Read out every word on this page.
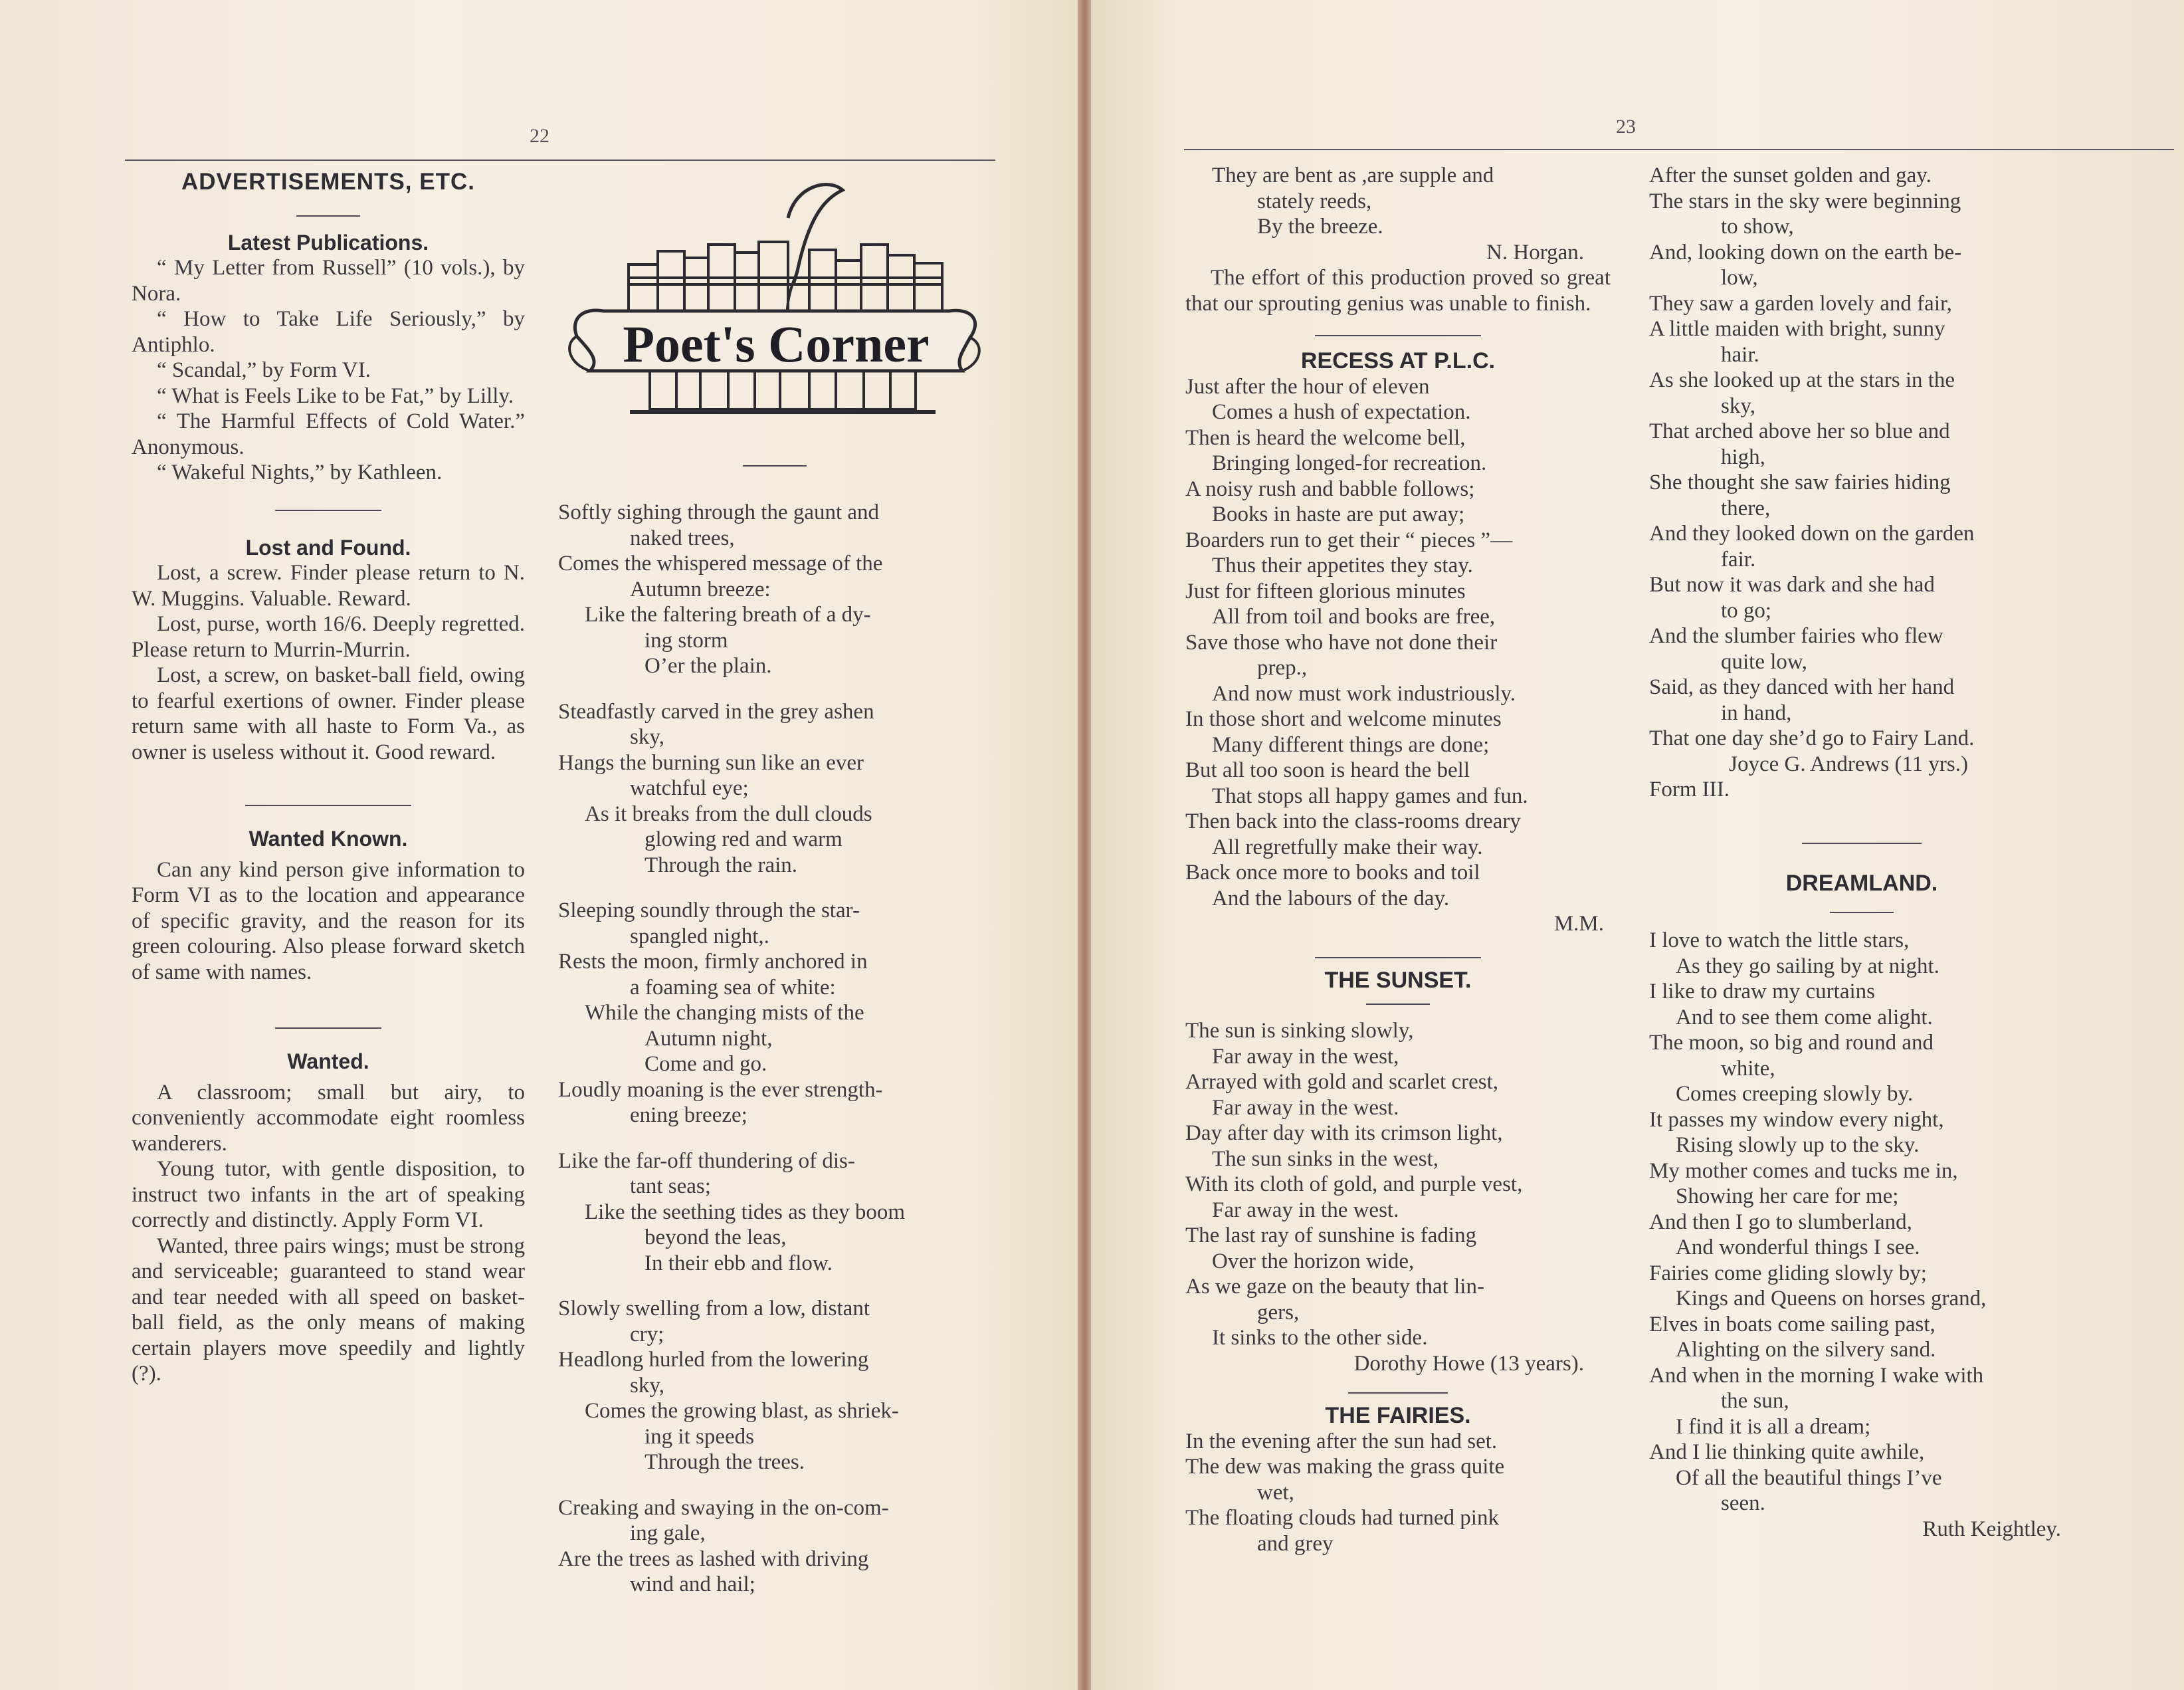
22
ADVERTISEMENTS, ETC.
Latest Publications.

“ My Letter from Russell” (10 vols.), by Nora.

“ How to Take Life Seriously,” by Antiphlo.

“ Scandal,” by Form VI.

“ What is Feels Like to be Fat,” by Lilly.

“ The Harmful Effects of Cold Water.” Anonymous.

“ Wakeful Nights,” by Kathleen.

Lost and Found.

Lost, a screw. Finder please return to N. W. Muggins. Valuable. Reward.

Lost, purse, worth 16/6. Deeply regretted. Please return to Murrin-Murrin.

Lost, a screw, on basket-ball field, owing to fearful exertions of owner. Finder please return same with all haste to Form Va., as owner is useless without it. Good reward.

Wanted Known.

Can any kind person give information to Form VI as to the location and appearance of specific gravity, and the reason for its green colouring. Also please forward sketch of same with names.

Wanted.

A classroom; small but airy, to conveniently accommodate eight roomless wanderers.

Young tutor, with gentle disposition, to instruct two infants in the art of speaking correctly and distinctly. Apply Form VI.

Wanted, three pairs wings; must be strong and serviceable; guaranteed to stand wear and tear needed with all speed on basket-ball field, as the only means of making certain players move speedily and lightly (?).

Poet's Corner

Softly sighing through the gaunt and

naked trees,

Comes the whispered message of the

Autumn breeze:

Like the faltering breath of a dy-

ing storm

O’er the plain.

Steadfastly carved in the grey ashen

sky,

Hangs the burning sun like an ever

watchful eye;

As it breaks from the dull clouds

glowing red and warm

Through the rain.

Sleeping soundly through the star-

spangled night,.

Rests the moon, firmly anchored in

a foaming sea of white:

While the changing mists of the

Autumn night,

Come and go.

Loudly moaning is the ever strength-

ening breeze;

Like the far-off thundering of dis-

tant seas;

Like the seething tides as they boom

beyond the leas,

In their ebb and flow.

Slowly swelling from a low, distant

cry;

Headlong hurled from the lowering

sky,

Comes the growing blast, as shriek-

ing it speeds

Through the trees.

Creaking and swaying in the on-com-

ing gale,

Are the trees as lashed with driving

wind and hail;

23

They are bent as ,are supple and

stately reeds,

By the breeze.

N. Horgan.

The effort of this production proved so great that our sprouting genius was unable to finish.

RECESS AT P.L.C.

Just after the hour of eleven

Comes a hush of expectation.

Then is heard the welcome bell,

Bringing longed-for recreation.

A noisy rush and babble follows;

Books in haste are put away;

Boarders run to get their “ pieces ”—

Thus their appetites they stay.

Just for fifteen glorious minutes

All from toil and books are free,

Save those who have not done their

prep.,

And now must work industriously.

In those short and welcome minutes

Many different things are done;

But all too soon is heard the bell

That stops all happy games and fun.

Then back into the class-rooms dreary

All regretfully make their way.

Back once more to books and toil

And the labours of the day.

M.M.

THE SUNSET.

The sun is sinking slowly,

Far away in the west,

Arrayed with gold and scarlet crest,

Far away in the west.

Day after day with its crimson light,

The sun sinks in the west,

With its cloth of gold, and purple vest,

Far away in the west.

The last ray of sunshine is fading

Over the horizon wide,

As we gaze on the beauty that lin-

gers,

It sinks to the other side.

Dorothy Howe (13 years).

THE FAIRIES.

In the evening after the sun had set.

The dew was making the grass quite

wet,

The floating clouds had turned pink

and grey

After the sunset golden and gay.

The stars in the sky were beginning

to show,

And, looking down on the earth be-

low,

They saw a garden lovely and fair,

A little maiden with bright, sunny

hair.

As she looked up at the stars in the

sky,

That arched above her so blue and

high,

She thought she saw fairies hiding

there,

And they looked down on the garden

fair.

But now it was dark and she had

to go;

And the slumber fairies who flew

quite low,

Said, as they danced with her hand

in hand,

That one day she’d go to Fairy Land.

Joyce G. Andrews (11 yrs.)

Form III.

DREAMLAND.

I love to watch the little stars,

As they go sailing by at night.

I like to draw my curtains

And to see them come alight.

The moon, so big and round and

white,

Comes creeping slowly by.

It passes my window every night,

Rising slowly up to the sky.

My mother comes and tucks me in,

Showing her care for me;

And then I go to slumberland,

And wonderful things I see.

Fairies come gliding slowly by;

Kings and Queens on horses grand,

Elves in boats come sailing past,

Alighting on the silvery sand.

And when in the morning I wake with

the sun,

I find it is all a dream;

And I lie thinking quite awhile,

Of all the beautiful things I’ve

seen.

Ruth Keightley.
